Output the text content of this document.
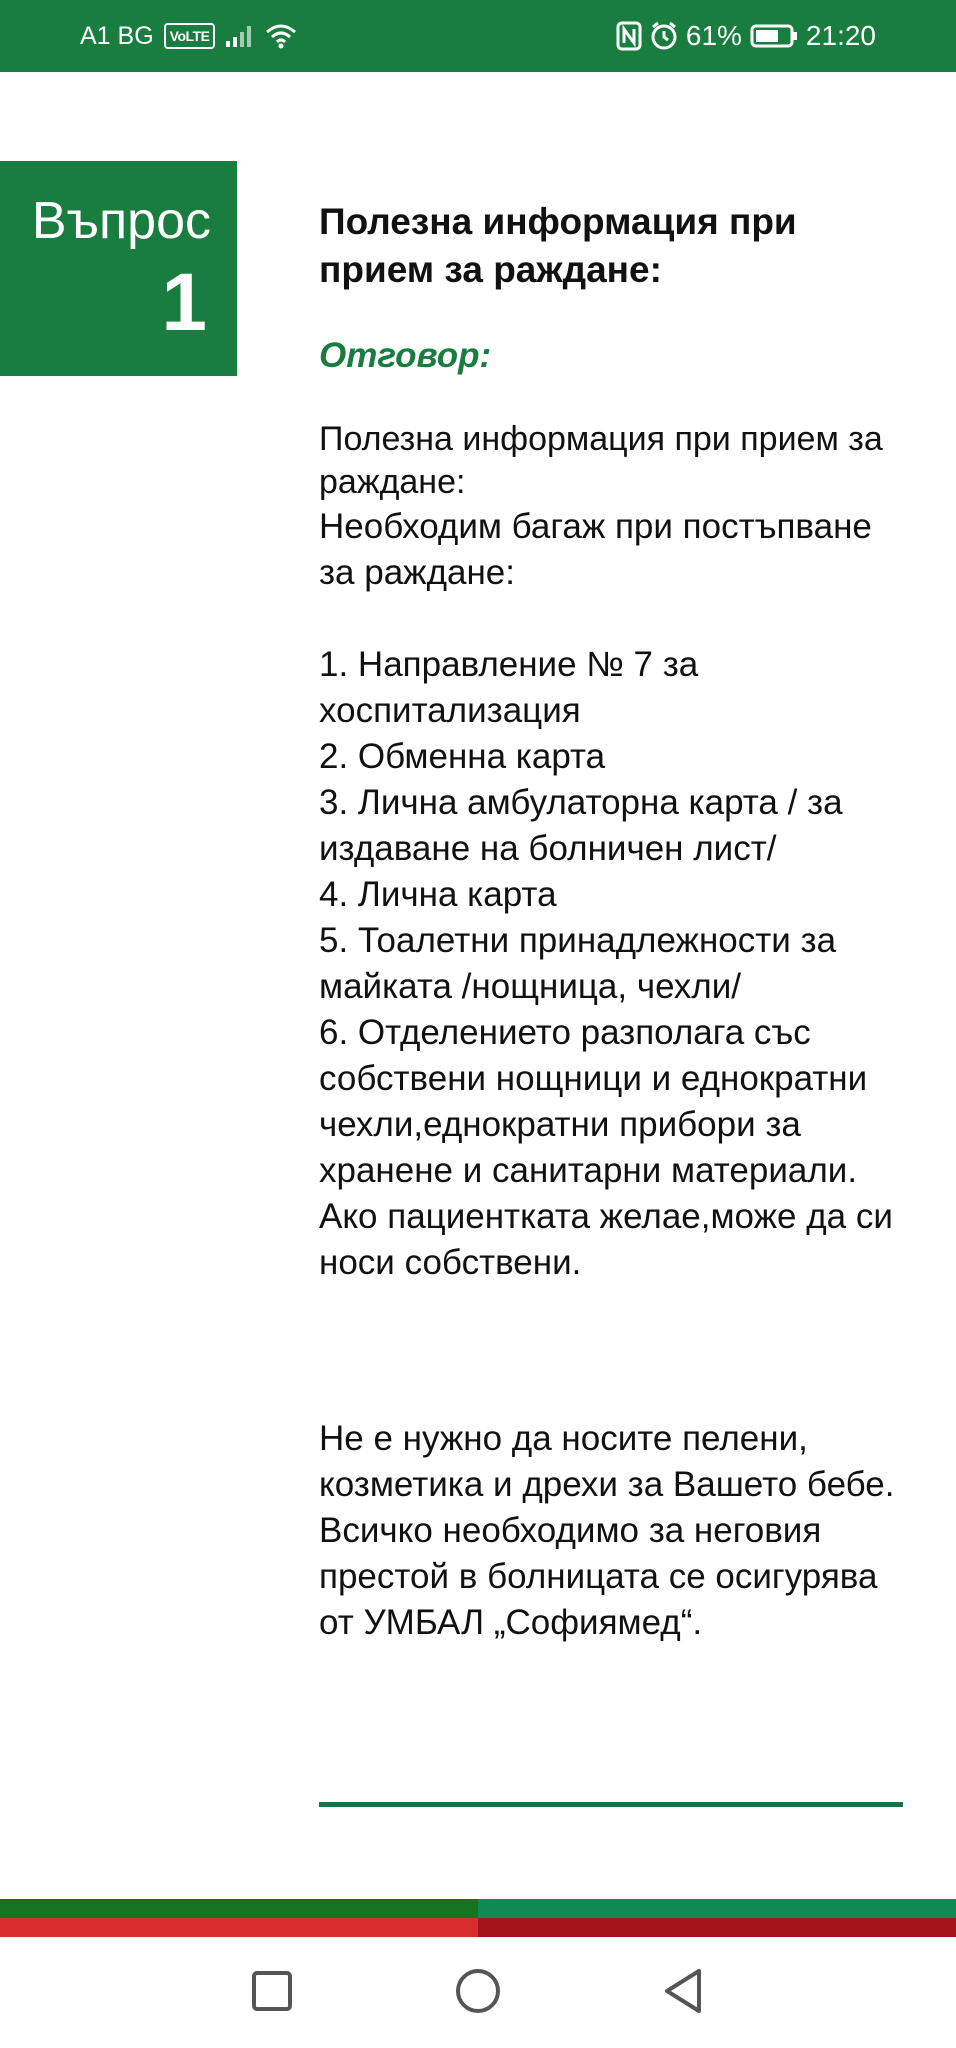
A1 BG	VoLTE	61% 21:20
Въпрос
1
Полезна информация при прием за раждане:
Отговор:
Полезна информация при прием за раждане:
Необходим багаж при постъпване за раждане:

1. Направление № 7 за хоспитализация
2. Обменна карта
3. Лична амбулаторна карта / за издаване на болничен лист/
4. Лична карта
5. Тоалетни принадлежности за майката /нощница, чехли/
6. Отделението разполага със собствени нощници и еднократни чехли,еднократни прибори за хранене и санитарни материали. Ако пациентката желае,може да си носи собствени.
Не е нужно да носите пелени, козметика и дрехи за Вашето бебе. Всичко необходимо за неговия престой в болницата се осигурява от УМБАЛ „Софиямед“.
